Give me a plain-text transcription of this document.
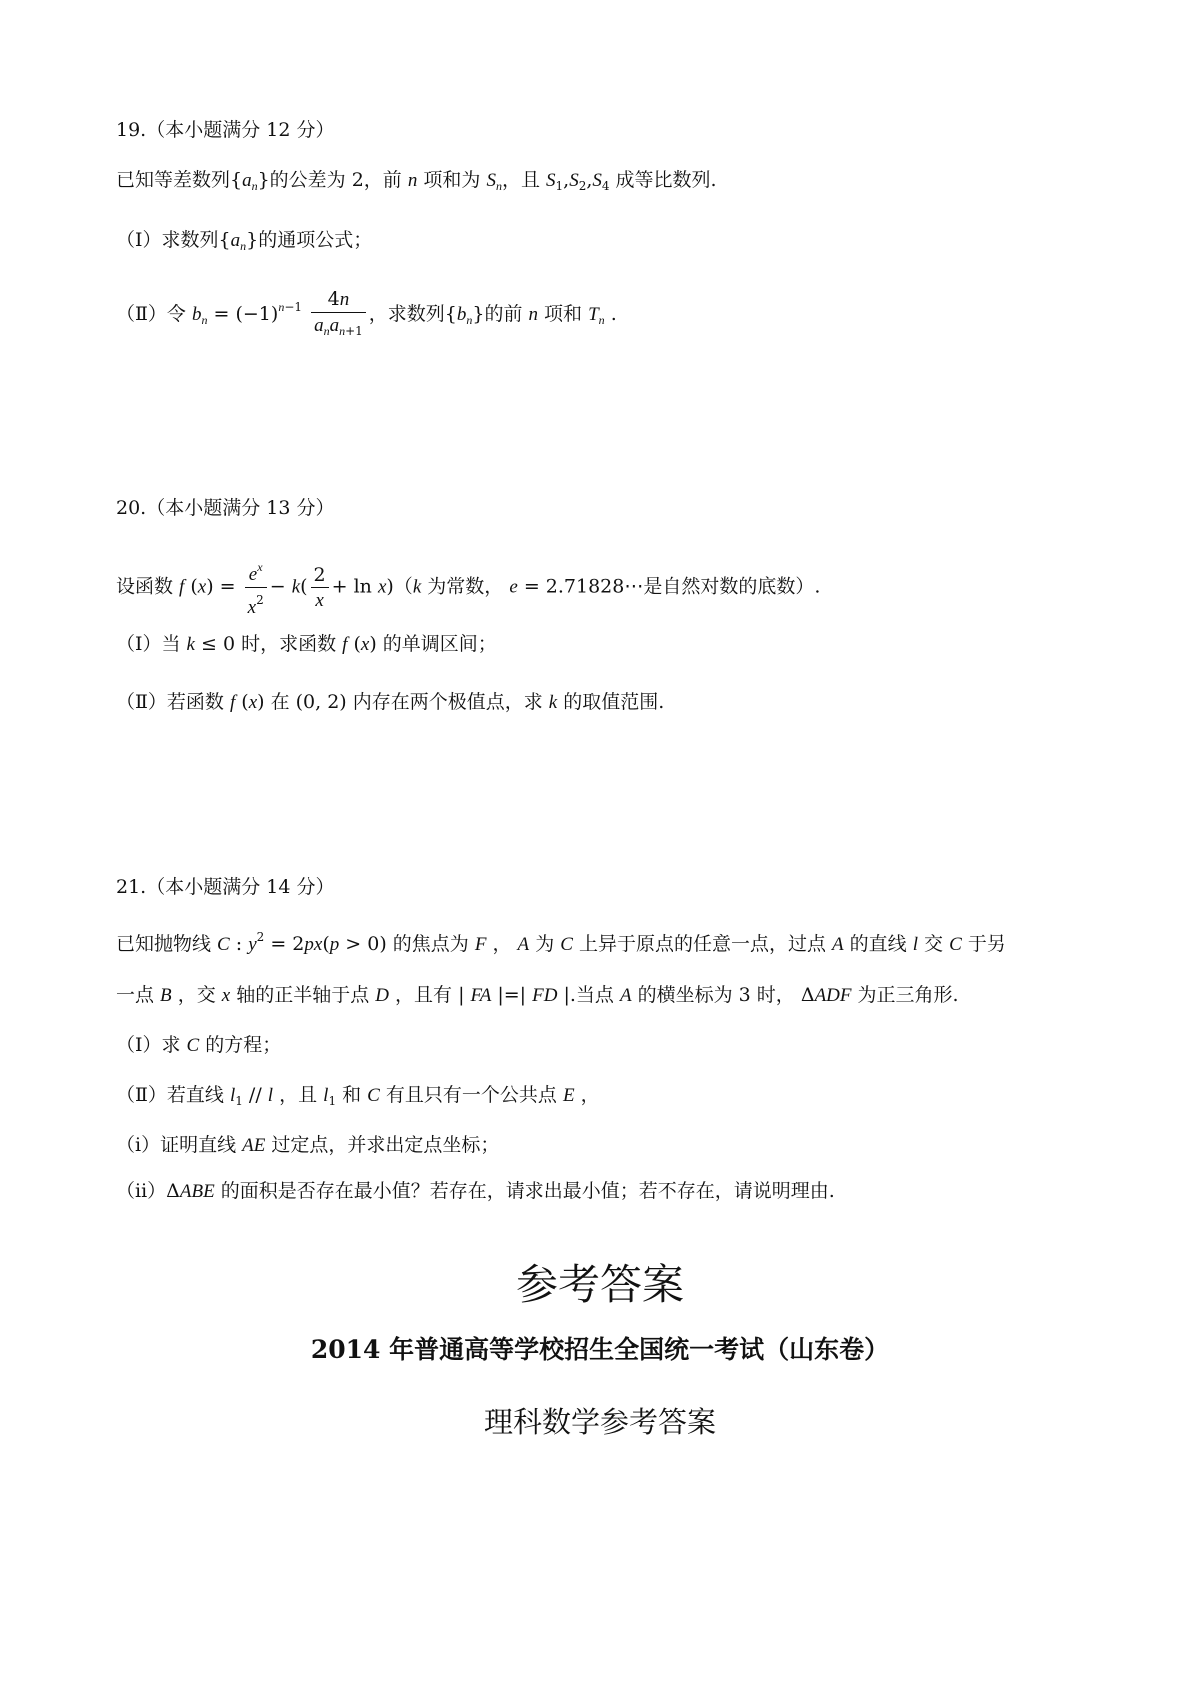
19.（本小题满分 12 分）
已知等差数列$\{a_n\}$的公差为 2，前 n 项和为 $S_n$，且 $S_1,S_2,S_4$ 成等比数列.
（Ⅰ）求数列$\{a_n\}$的通项公式；
（Ⅱ）令 $b_n = (-1)^{n-1} \frac{4n}{a_na_{n+1}}$ ，求数列$\{b_n\}$的前 n 项和 $T_n$ .
20.（本小题满分 13 分）
设函数 f $(x) = \frac{e^x}{x^2} - k( \frac{2}{x} + \ln x)(k$ 为常数， e = 2.71828⋯是自然对数的底数）.
（Ⅰ）当 k ≤ 0 时，求函数 f (x) 的单调区间；
（Ⅱ）若函数 f (x) 在 (0, 2) 内存在两个极值点，求 k 的取值范围.
21.（本小题满分 14 分）
已知抛物线 C : $y^2 = 2px(p > 0)$ 的焦点为 F ， A 为 C 上异于原点的任意一点，过点 A 的直线 l 交 C 于另
一点 B ，交 x 轴的正半轴于点 D ，且有 | FA |=| FD |.当点 A 的横坐标为 3 时， ΔADF 为正三角形.
（Ⅰ）求 C 的方程；
（Ⅱ）若直线 $l_1$ // l ，且 $l_1$ 和 C 有且只有一个公共点 E ，
（ⅰ）证明直线 AE 过定点，并求出定点坐标；
（ⅱ）ΔABE 的面积是否存在最小值？若存在，请求出最小值；若不存在，请说明理由.
参考答案
2014 年普通高等学校招生全国统一考试（山东卷）
理科数学参考答案
